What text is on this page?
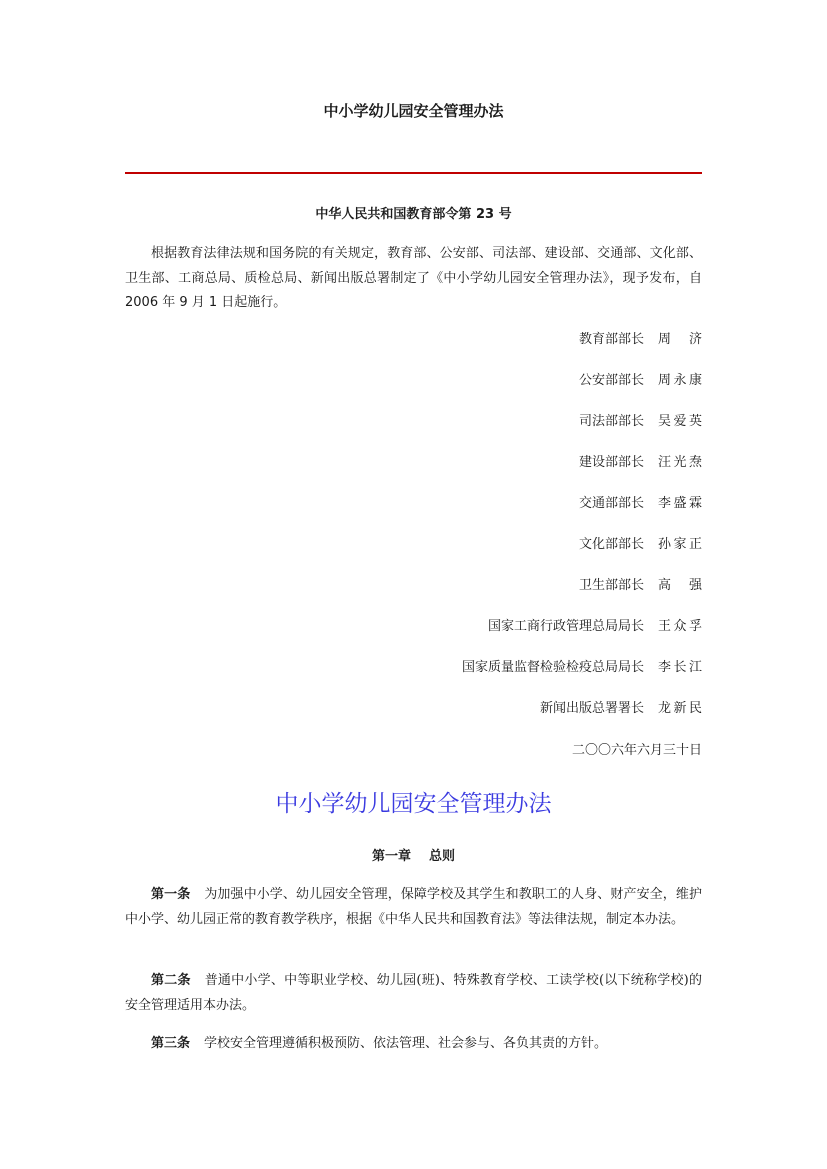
中小学幼儿园安全管理办法
中华人民共和国教育部令第 23 号

根据教育法律法规和国务院的有关规定，教育部、公安部、司法部、建设部、交通部、文化部、卫生部、工商总局、质检总局、新闻出版总署制定了《中小学幼儿园安全管理办法》，现予发布，自 2006 年 9 月 1 日起施行。

教育部部长 周济
公安部部长 周永康
司法部部长 吴爱英
建设部部长 汪光焘
交通部部长 李盛霖
文化部部长 孙家正
卫生部部长 高强
国家工商行政管理总局局长 王众孚
国家质量监督检验检疫总局局长 李长江
新闻出版总署署长 龙新民
二〇〇六年六月三十日
中小学幼儿园安全管理办法
第一章 总则

第一条 为加强中小学、幼儿园安全管理，保障学校及其学生和教职工的人身、财产安全，维护中小学、幼儿园正常的教育教学秩序，根据《中华人民共和国教育法》等法律法规，制定本办法。

第二条 普通中小学、中等职业学校、幼儿园(班)、特殊教育学校、工读学校(以下统称学校)的安全管理适用本办法。

第三条 学校安全管理遵循积极预防、依法管理、社会参与、各负其责的方针。
